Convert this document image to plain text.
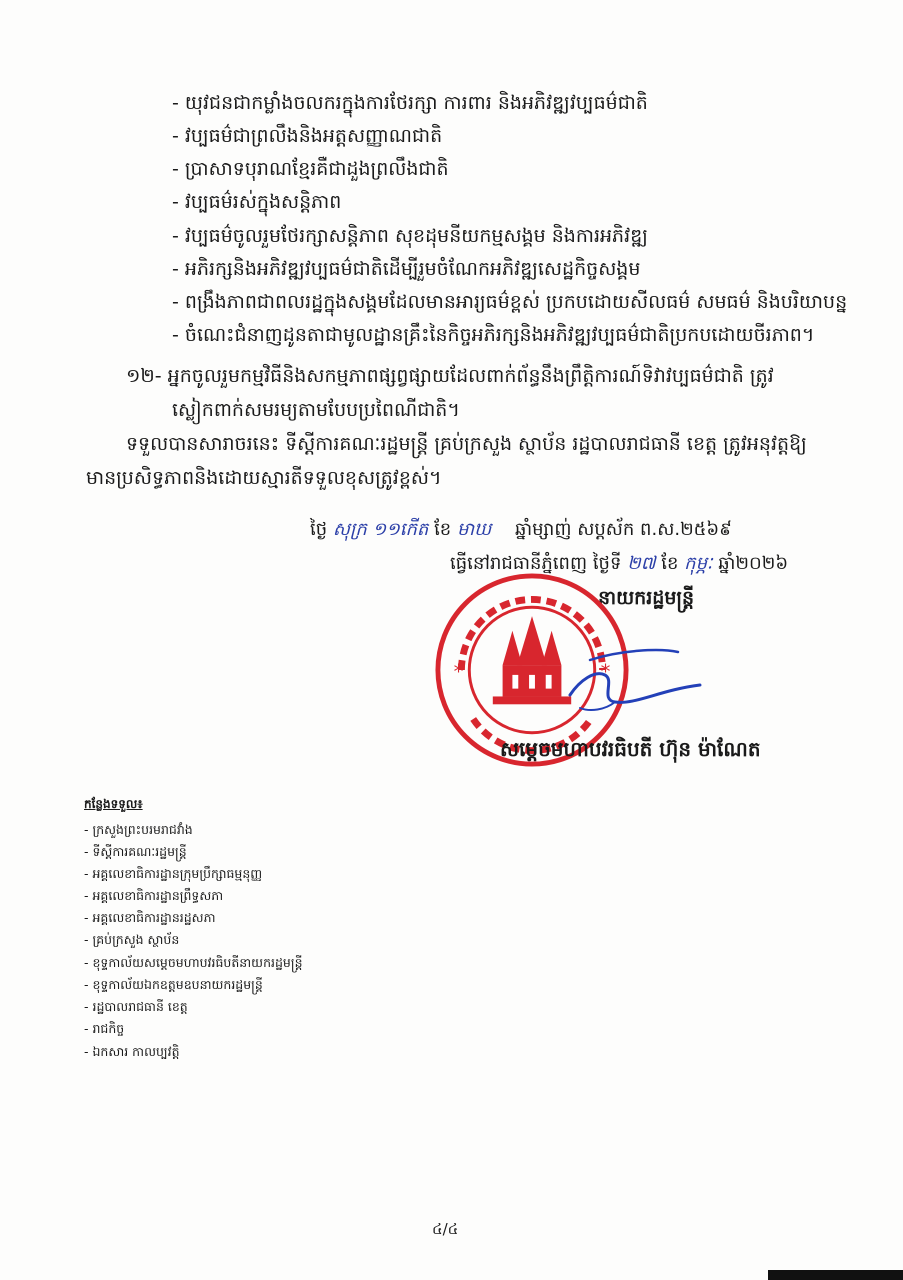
- យុវជនជាកម្លាំងចលករក្នុងការថែរក្សា ការពារ និងអភិវឌ្ឍវប្បធម៌ជាតិ
- វប្បធម៌ជាព្រលឹងនិងអត្តសញ្ញាណជាតិ
- ប្រាសាទបុរាណខ្មែរគឺជាដួងព្រលឹងជាតិ
- វប្បធម៌រស់ក្នុងសន្តិភាព
- វប្បធម៌ចូលរួមថែរក្សាសន្តិភាព សុខដុមនីយកម្មសង្គម និងការអភិវឌ្ឍ
- អភិរក្សនិងអភិវឌ្ឍវប្បធម៌ជាតិដើម្បីរួមចំណែកអភិវឌ្ឍសេដ្ឋកិច្ចសង្គម
- ពង្រឹងភាពជាពលរដ្ឋក្នុងសង្គមដែលមានអារ្យធម៌ខ្ពស់ ប្រកបដោយសីលធម៌ សមធម៌ និងបរិយាបន្ន
- ចំណេះជំនាញដូនតាជាមូលដ្ឋានគ្រឹះនៃកិច្ចអភិរក្សនិងអភិវឌ្ឍវប្បធម៌ជាតិប្រកបដោយចីរភាព។
១២- អ្នកចូលរួមកម្មវិធីនិងសកម្មភាពផ្សព្វផ្សាយដែលពាក់ព័ន្ធនឹងព្រឹត្តិការណ៍ទិវាវប្បធម៌ជាតិ ត្រូវ
ស្លៀកពាក់សមរម្យតាមបែបប្រពៃណីជាតិ។
ទទួលបានសារាចរនេះ ទីស្តីការគណៈរដ្ឋមន្ត្រី គ្រប់ក្រសួង ស្ថាប័ន រដ្ឋបាលរាជធានី ខេត្ត ត្រូវអនុវត្តឱ្យ
មានប្រសិទ្ធភាពនិងដោយស្មារតីទទួលខុសត្រូវខ្ពស់។
ថ្ងៃ សុក្រ ១១កើត ខែ មាឃ ឆ្នាំម្សាញ់ សប្តស័ក ព.ស.២៥៦៩
ធ្វើនៅរាជធានីភ្នំពេញ ថ្ងៃទី ២៧ ខែ កុម្ភៈ ឆ្នាំ២០២៦
នាយករដ្ឋមន្ត្រី
*	*
សម្តេចមហាបវរធិបតី ហ៊ុន ម៉ាណែត
កន្លែងទទួល៖
- ក្រសួងព្រះបរមរាជវាំង
- ទីស្តីការគណៈរដ្ឋមន្ត្រី
- អគ្គលេខាធិការដ្ឋានក្រុមប្រឹក្សាធម្មនុញ្ញ
- អគ្គលេខាធិការដ្ឋានព្រឹទ្ធសភា
- អគ្គលេខាធិការដ្ឋានរដ្ឋសភា
- គ្រប់ក្រសួង ស្ថាប័ន
- ខុទ្ទកាល័យសម្តេចមហាបវរធិបតីនាយករដ្ឋមន្ត្រី
- ខុទ្ទកាល័យឯកឧត្តមឧបនាយករដ្ឋមន្ត្រី
- រដ្ឋបាលរាជធានី ខេត្ត
- រាជកិច្ច
- ឯកសារ កាលប្បវត្តិ
៤/៤
